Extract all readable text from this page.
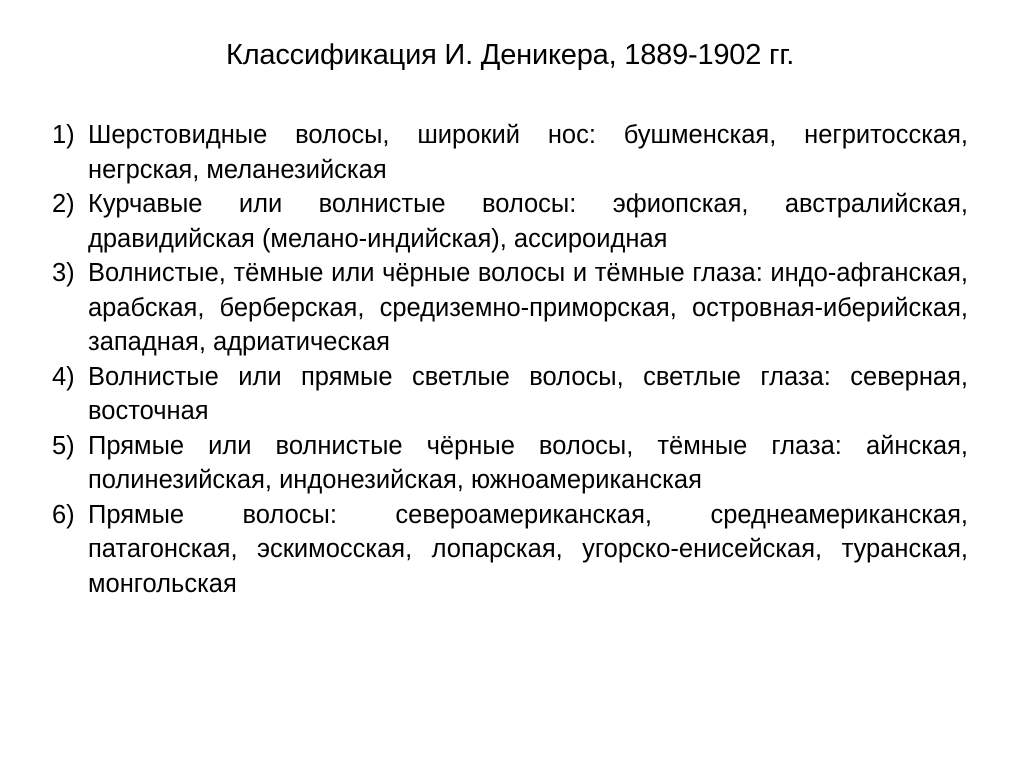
Классификация И. Деникера, 1889-1902 гг.
1) Шерстовидные волосы, широкий нос: бушменская, негритосская, негрская, меланезийская
2) Курчавые или волнистые волосы: эфиопская, австралийская, дравидийская (мелано-индийская), ассироидная
3) Волнистые, тёмные или чёрные волосы и тёмные глаза: индо-афганская, арабская, берберская, средиземно-приморская, островная-иберийская, западная, адриатическая
4) Волнистые или прямые светлые волосы, светлые глаза: северная, восточная
5) Прямые или волнистые чёрные волосы, тёмные глаза: айнская, полинезийская, индонезийская, южноамериканская
6) Прямые волосы: североамериканская, среднеамериканская, патагонская, эскимосская, лопарская, угорско-енисейская, туранская, монгольская
